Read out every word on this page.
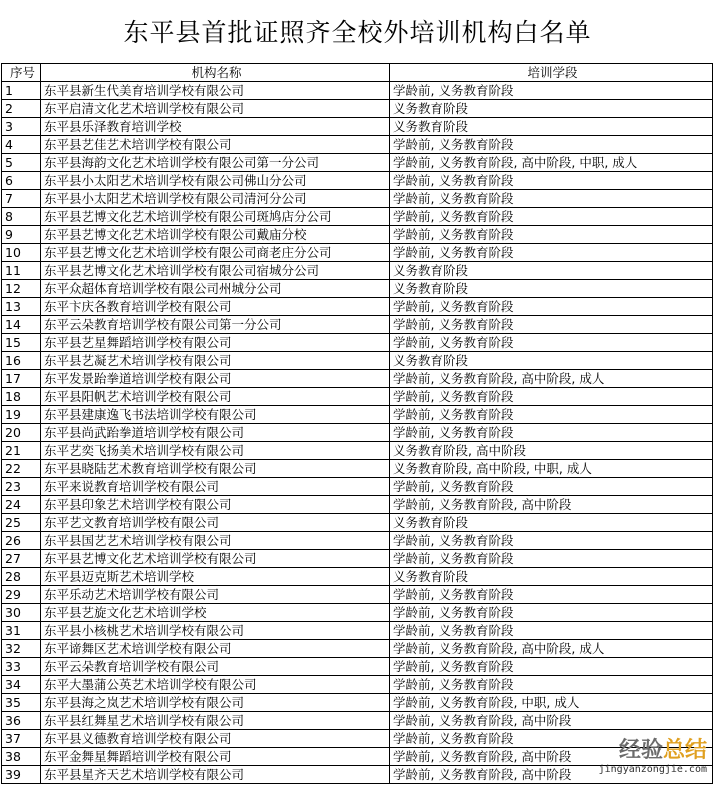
东平县首批证照齐全校外培训机构白名单
序号	机构名称	培训学段
1	东平县新生代美育培训学校有限公司	学龄前, 义务教育阶段
2	东平启清文化艺术培训学校有限公司	义务教育阶段
3	东平县乐泽教育培训学校	义务教育阶段
4	东平县艺佳艺术培训学校有限公司	学龄前, 义务教育阶段
5	东平县海韵文化艺术培训学校有限公司第一分公司	学龄前, 义务教育阶段, 高中阶段, 中职, 成人
6	东平县小太阳艺术培训学校有限公司佛山分公司	学龄前, 义务教育阶段
7	东平县小太阳艺术培训学校有限公司清河分公司	学龄前, 义务教育阶段
8	东平县艺博文化艺术培训学校有限公司斑鸠店分公司	学龄前, 义务教育阶段
9	东平县艺博文化艺术培训学校有限公司戴庙分校	学龄前, 义务教育阶段
10	东平县艺博文化艺术培训学校有限公司商老庄分公司	学龄前, 义务教育阶段
11	东平县艺博文化艺术培训学校有限公司宿城分公司	义务教育阶段
12	东平众超体育培训学校有限公司州城分公司	义务教育阶段
13	东平卞庆各教育培训学校有限公司	学龄前, 义务教育阶段
14	东平云朵教育培训学校有限公司第一分公司	学龄前, 义务教育阶段
15	东平县艺星舞蹈培训学校有限公司	学龄前, 义务教育阶段
16	东平县艺凝艺术培训学校有限公司	义务教育阶段
17	东平发景跆拳道培训学校有限公司	学龄前, 义务教育阶段, 高中阶段, 成人
18	东平县阳帆艺术培训学校有限公司	学龄前, 义务教育阶段
19	东平县建康逸飞书法培训学校有限公司	学龄前, 义务教育阶段
20	东平县尚武跆拳道培训学校有限公司	学龄前, 义务教育阶段
21	东平艺奕飞扬美术培训学校有限公司	义务教育阶段, 高中阶段
22	东平县晓陆艺术教育培训学校有限公司	义务教育阶段, 高中阶段, 中职, 成人
23	东平来说教育培训学校有限公司	学龄前, 义务教育阶段
24	东平县印象艺术培训学校有限公司	学龄前, 义务教育阶段, 高中阶段
25	东平艺文教育培训学校有限公司	义务教育阶段
26	东平县国艺艺术培训学校有限公司	学龄前, 义务教育阶段
27	东平县艺博文化艺术培训学校有限公司	学龄前, 义务教育阶段
28	东平县迈克斯艺术培训学校	义务教育阶段
29	东平乐动艺术培训学校有限公司	学龄前, 义务教育阶段
30	东平县艺旋文化艺术培训学校	学龄前, 义务教育阶段
31	东平县小核桃艺术培训学校有限公司	学龄前, 义务教育阶段
32	东平谛舞区艺术培训学校有限公司	学龄前, 义务教育阶段, 高中阶段, 成人
33	东平云朵教育培训学校有限公司	学龄前, 义务教育阶段
34	东平大墨蒲公英艺术培训学校有限公司	学龄前, 义务教育阶段
35	东平县海之岚艺术培训学校有限公司	学龄前, 义务教育阶段, 中职, 成人
36	东平县红舞星艺术培训学校有限公司	学龄前, 义务教育阶段, 高中阶段
37	东平县义德教育培训学校有限公司	学龄前, 义务教育阶段
38	东平金舞星舞蹈培训学校有限公司	学龄前, 义务教育阶段, 高中阶段
39	东平县星齐天艺术培训学校有限公司	学龄前, 义务教育阶段, 高中阶段
经验总结
jingyanzongjie.com
